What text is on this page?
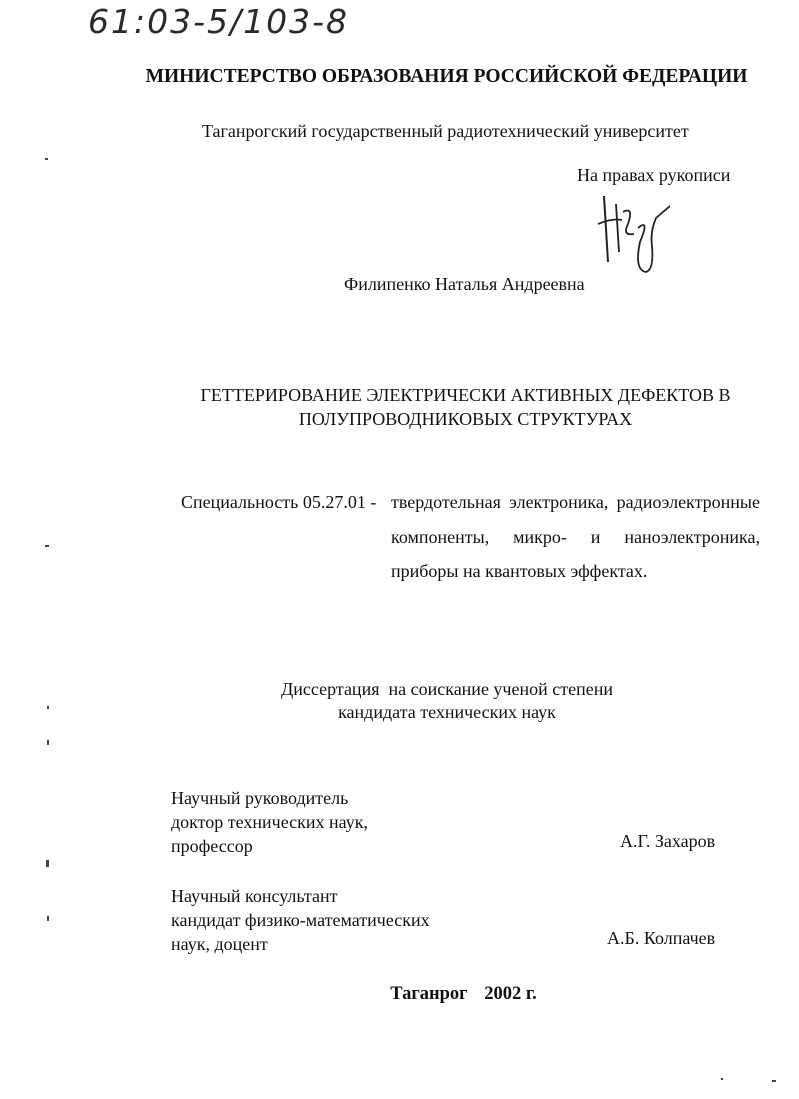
61:03-5/103-8
МИНИСТЕРСТВО ОБРАЗОВАНИЯ РОССИЙСКОЙ ФЕДЕРАЦИИ
Таганрогский государственный радиотехнический университет
На правах рукописи
Филипенко Наталья Андреевна
ГЕТТЕРИРОВАНИЕ ЭЛЕКТРИЧЕСКИ АКТИВНЫХ ДЕФЕКТОВ В
ПОЛУПРОВОДНИКОВЫХ СТРУКТУРАХ
Специальность 05.27.01 - твердотельная электроника, радиоэлектронные
компоненты, микро- и наноэлектроника,
приборы на квантовых эффектах.
Диссертация  на соискание ученой степени
кандидата технических наук
Научный руководитель
доктор технических наук,
профессор	А.Г. Захаров
Научный консультант
кандидат физико-математических
наук, доцент	А.Б. Колпачев
Таганрог 2002 г.
